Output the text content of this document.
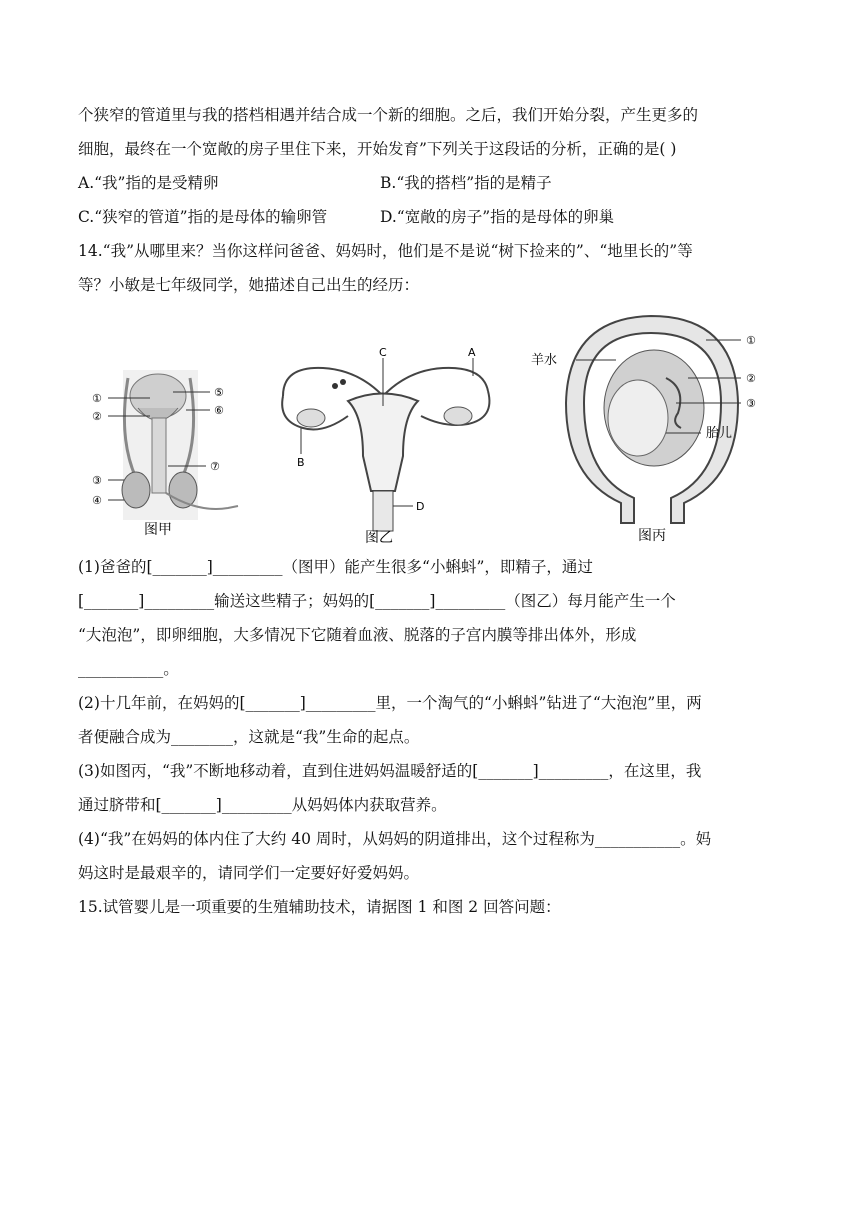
个狭窄的管道里与我的搭档相遇并结合成一个新的细胞。之后，我们开始分裂，产生更多的
细胞，最终在一个宽敞的房子里住下来，开始发育”下列关于这段话的分析，正确的是( )
A.“我”指的是受精卵	B.“我的搭档”指的是精子
C.“狭窄的管道”指的是母体的输卵管	D.“宽敞的房子”指的是母体的卵巢
14.“我”从哪里来？当你这样问爸爸、妈妈时，他们是不是说“树下捡来的”、“地里长的”等
等？小敏是七年级同学，她描述自己出生的经历：
①
②
③
④
⑤
⑥
⑦
图甲
C	A
B
D
图乙
羊水
①
②
③
胎儿
图丙
(1)爸爸的[_______]_________（图甲）能产生很多“小蝌蚪”，即精子，通过
[_______]_________输送这些精子；妈妈的[_______]_________（图乙）每月能产生一个
“大泡泡”，即卵细胞，大多情况下它随着血液、脱落的子宫内膜等排出体外，形成
___________。
(2)十几年前，在妈妈的[_______]_________里，一个淘气的“小蝌蚪”钻进了“大泡泡”里，两
者便融合成为________，这就是“我”生命的起点。
(3)如图丙，“我”不断地移动着，直到住进妈妈温暖舒适的[_______]_________，在这里，我
通过脐带和[_______]_________从妈妈体内获取营养。
(4)“我”在妈妈的体内住了大约 40 周时，从妈妈的阴道排出，这个过程称为___________。妈
妈这时是最艰辛的，请同学们一定要好好爱妈妈。
15.试管婴儿是一项重要的生殖辅助技术，请据图 1 和图 2 回答问题：
